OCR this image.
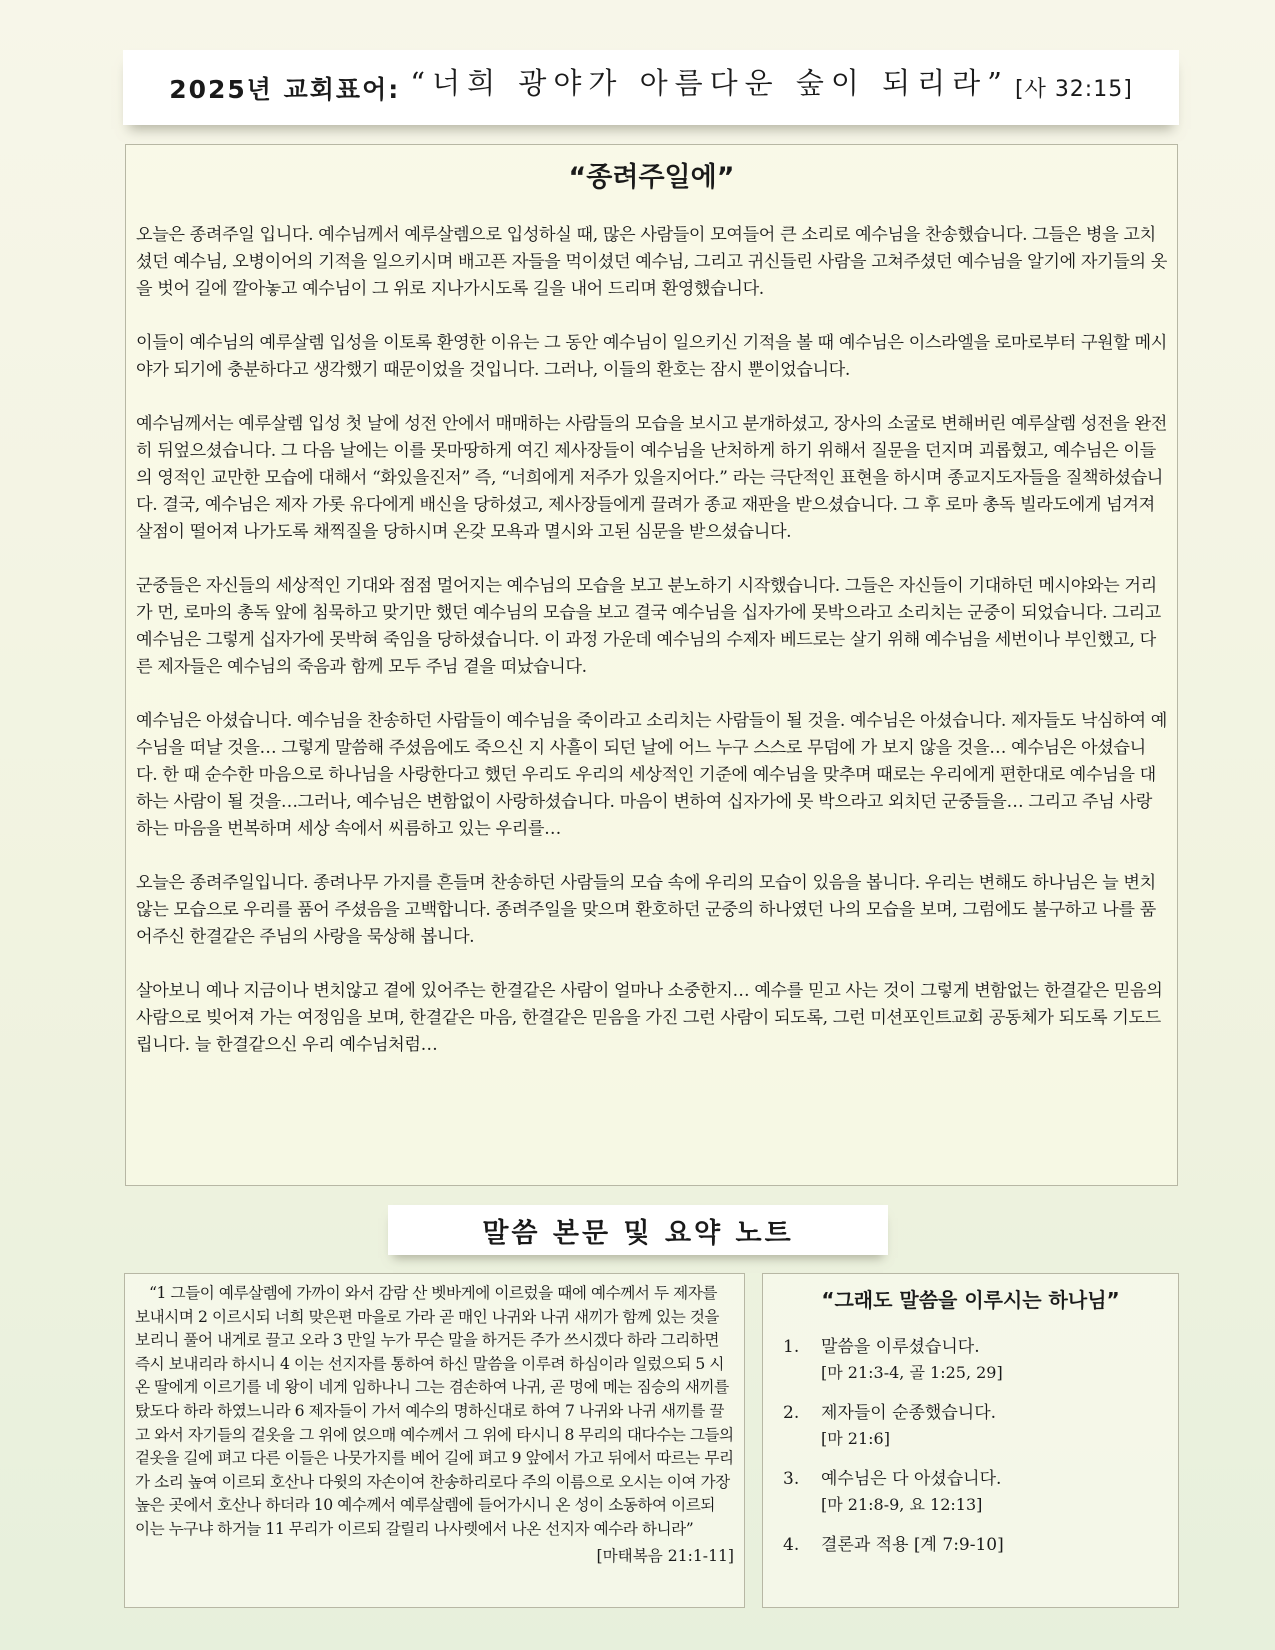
2025년 교회표어: “너희 광야가 아름다운 숲이 되리라” [사 32:15]
“종려주일에”

오늘은 종려주일 입니다. 예수님께서 예루살렘으로 입성하실 때, 많은 사람들이 모여들어 큰 소리로 예수님을 찬송했습니다. 그들은 병을 고치셨던 예수님, 오병이어의 기적을 일으키시며 배고픈 자들을 먹이셨던 예수님, 그리고 귀신들린 사람을 고쳐주셨던 예수님을 알기에 자기들의 옷을 벗어 길에 깔아놓고 예수님이 그 위로 지나가시도록 길을 내어 드리며 환영했습니다.

이들이 예수님의 예루살렘 입성을 이토록 환영한 이유는 그 동안 예수님이 일으키신 기적을 볼 때 예수님은 이스라엘을 로마로부터 구원할 메시야가 되기에 충분하다고 생각했기 때문이었을 것입니다. 그러나, 이들의 환호는 잠시 뿐이었습니다.

예수님께서는 예루살렘 입성 첫 날에 성전 안에서 매매하는 사람들의 모습을 보시고 분개하셨고, 장사의 소굴로 변해버린 예루살렘 성전을 완전히 뒤엎으셨습니다. 그 다음 날에는 이를 못마땅하게 여긴 제사장들이 예수님을 난처하게 하기 위해서 질문을 던지며 괴롭혔고, 예수님은 이들의 영적인 교만한 모습에 대해서 “화있을진저” 즉, “너희에게 저주가 있을지어다.” 라는 극단적인 표현을 하시며 종교지도자들을 질책하셨습니다. 결국, 예수님은 제자 가롯 유다에게 배신을 당하셨고, 제사장들에게 끌려가 종교 재판을 받으셨습니다. 그 후 로마 총독 빌라도에게 넘겨져 살점이 떨어져 나가도록 채찍질을 당하시며 온갖 모욕과 멸시와 고된 심문을 받으셨습니다.

군중들은 자신들의 세상적인 기대와 점점 멀어지는 예수님의 모습을 보고 분노하기 시작했습니다. 그들은 자신들이 기대하던 메시야와는 거리가 먼, 로마의 총독 앞에 침묵하고 맞기만 했던 예수님의 모습을 보고 결국 예수님을 십자가에 못박으라고 소리치는 군중이 되었습니다. 그리고 예수님은 그렇게 십자가에 못박혀 죽임을 당하셨습니다. 이 과정 가운데 예수님의 수제자 베드로는 살기 위해 예수님을 세번이나 부인했고, 다른 제자들은 예수님의 죽음과 함께 모두 주님 곁을 떠났습니다.

예수님은 아셨습니다. 예수님을 찬송하던 사람들이 예수님을 죽이라고 소리치는 사람들이 될 것을. 예수님은 아셨습니다. 제자들도 낙심하여 예수님을 떠날 것을… 그렇게 말씀해 주셨음에도 죽으신 지 사흘이 되던 날에 어느 누구 스스로 무덤에 가 보지 않을 것을… 예수님은 아셨습니다. 한 때 순수한 마음으로 하나님을 사랑한다고 했던 우리도 우리의 세상적인 기준에 예수님을 맞추며 때로는 우리에게 편한대로 예수님을 대하는 사람이 될 것을…그러나, 예수님은 변함없이 사랑하셨습니다. 마음이 변하여 십자가에 못 박으라고 외치던 군중들을… 그리고 주님 사랑하는 마음을 번복하며 세상 속에서 씨름하고 있는 우리를…

오늘은 종려주일입니다. 종려나무 가지를 흔들며 찬송하던 사람들의 모습 속에 우리의 모습이 있음을 봅니다. 우리는 변해도 하나님은 늘 변치 않는 모습으로 우리를 품어 주셨음을 고백합니다. 종려주일을 맞으며 환호하던 군중의 하나였던 나의 모습을 보며, 그럼에도 불구하고 나를 품어주신 한결같은 주님의 사랑을 묵상해 봅니다.

살아보니 예나 지금이나 변치않고 곁에 있어주는 한결같은 사람이 얼마나 소중한지… 예수를 믿고 사는 것이 그렇게 변함없는 한결같은 믿음의 사람으로 빚어져 가는 여정임을 보며, 한결같은 마음, 한결같은 믿음을 가진 그런 사람이 되도록, 그런 미션포인트교회 공동체가 되도록 기도드립니다. 늘 한결같으신 우리 예수님처럼…

말씀 본문 및 요약 노트

“1 그들이 예루살렘에 가까이 와서 감람 산 벳바게에 이르렀을 때에 예수께서 두 제자를 보내시며 2 이르시되 너희 맞은편 마을로 가라 곧 매인 나귀와 나귀 새끼가 함께 있는 것을 보리니 풀어 내게로 끌고 오라 3 만일 누가 무슨 말을 하거든 주가 쓰시겠다 하라 그리하면 즉시 보내리라 하시니 4 이는 선지자를 통하여 하신 말씀을 이루려 하심이라 일렀으되 5 시온 딸에게 이르기를 네 왕이 네게 임하나니 그는 겸손하여 나귀, 곧 멍에 메는 짐승의 새끼를 탔도다 하라 하였느니라 6 제자들이 가서 예수의 명하신대로 하여 7 나귀와 나귀 새끼를 끌고 와서 자기들의 겉옷을 그 위에 얹으매 예수께서 그 위에 타시니 8 무리의 대다수는 그들의 겉옷을 길에 펴고 다른 이들은 나뭇가지를 베어 길에 펴고 9 앞에서 가고 뒤에서 따르는 무리가 소리 높여 이르되 호산나 다윗의 자손이여 찬송하리로다 주의 이름으로 오시는 이여 가장 높은 곳에서 호산나 하더라 10 예수께서 예루살렘에 들어가시니 온 성이 소동하여 이르되 이는 누구냐 하거늘 11 무리가 이르되 갈릴리 나사렛에서 나온 선지자 예수라 하니라”

[마태복음 21:1-11]
“그래도 말씀을 이루시는 하나님”
1.	말씀을 이루셨습니다.
[마 21:3-4, 골 1:25, 29]
2.	제자들이 순종했습니다.
[마 21:6]
3.	예수님은 다 아셨습니다.
[마 21:8-9, 요 12:13]
4.	결론과 적용 [계 7:9-10]
